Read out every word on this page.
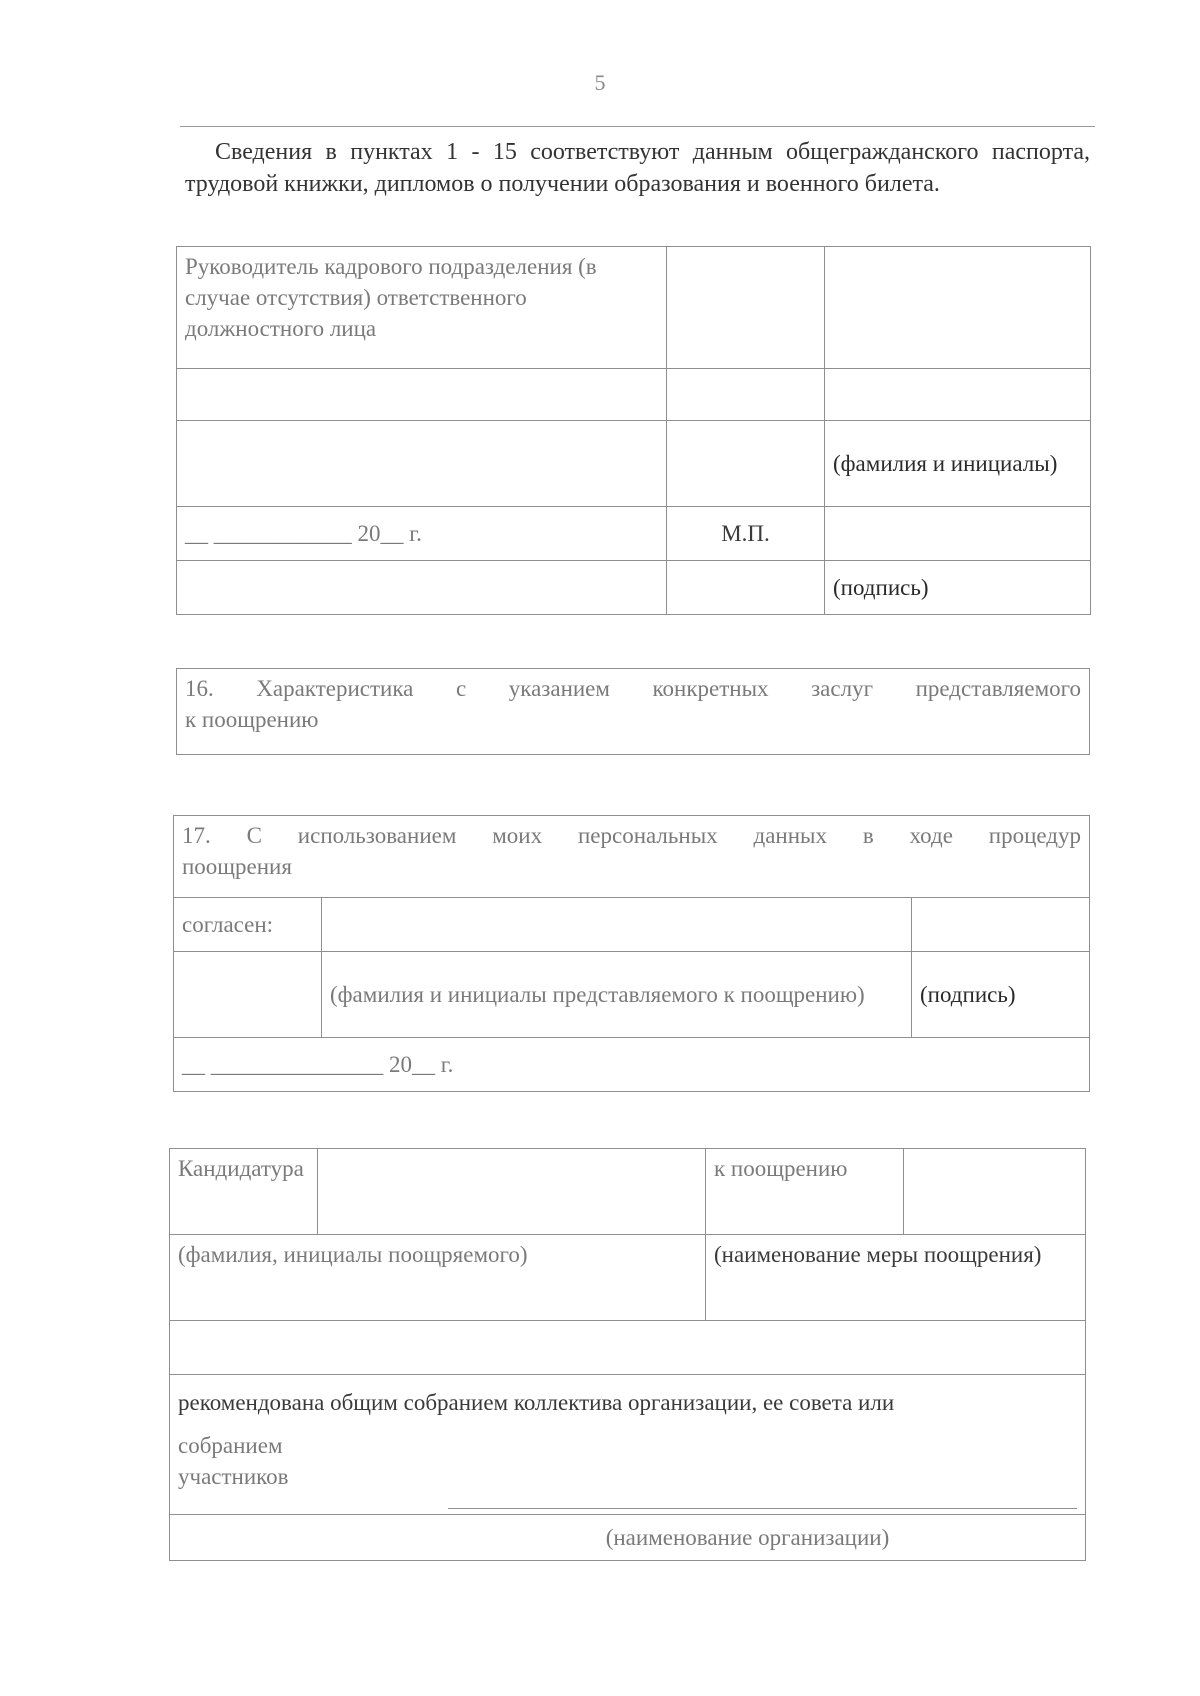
5
Сведения в пунктах 1 - 15 соответствуют данным общегражданского паспорта, трудовой книжки, дипломов о получении образования и военного билета.
Руководитель кадрового подразделения (в случае отсутствия) ответственного должностного лица		

		(фамилия и инициалы)
__ ____________ 20__ г.	М.П.	
		(подпись)
16. Характеристика с указанием конкретных заслуг представляемого
к поощрению
17. С использованием моих персональных данных в ходе процедур
поощрения		

согласен:		
	(фамилия и инициалы представляемого к поощрению)	(подпись)
__ _______________ 20__ г.		
Кандидатура		к поощрению	
(фамилия, инициалы поощряемого)		(наименование меры поощрения)	

рекомендована общим собранием коллектива организации, ее совета или
собранием участников			

(наименование организации)			
